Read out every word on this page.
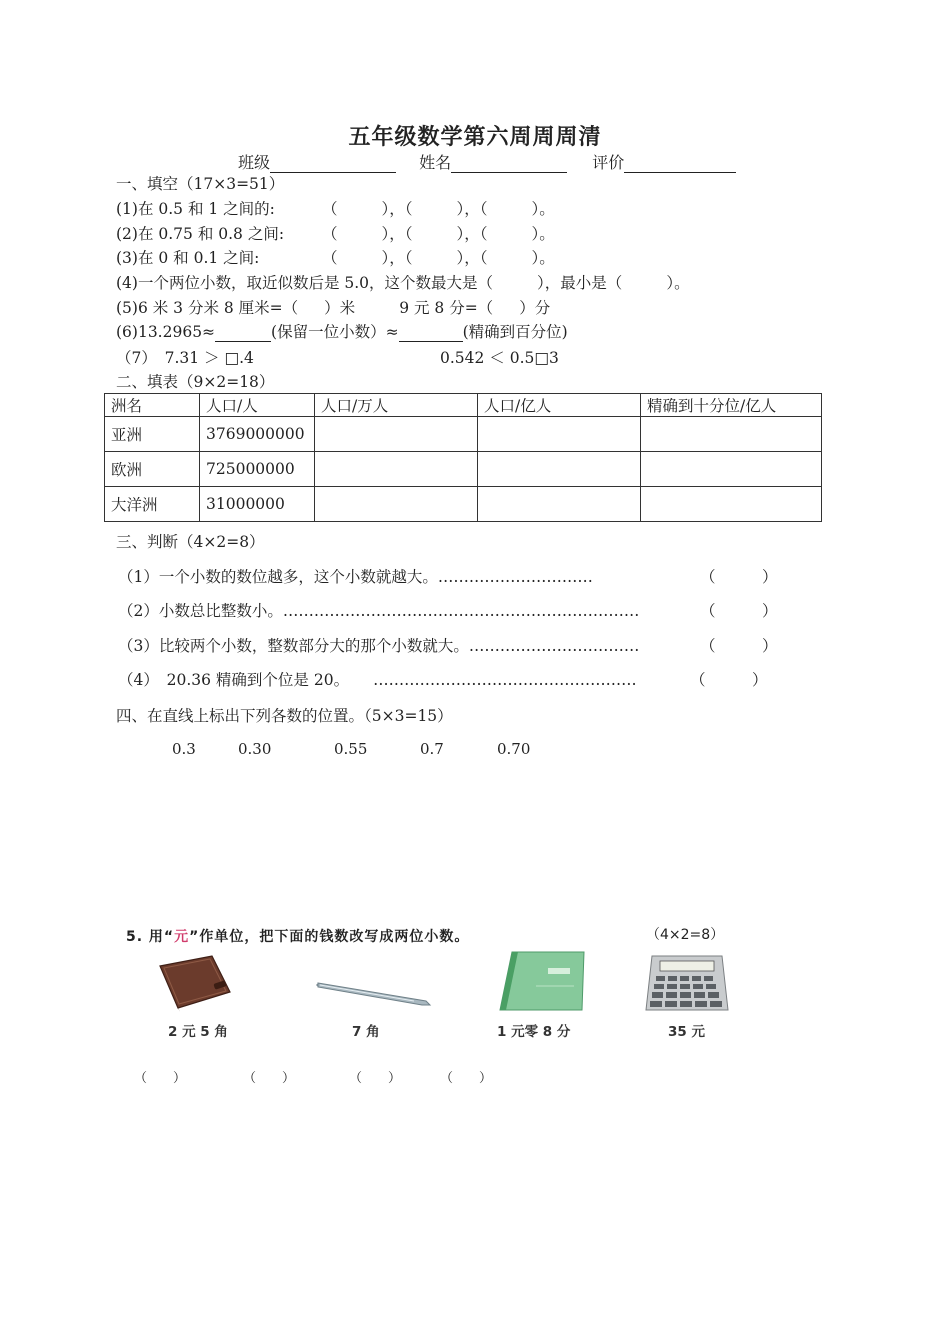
五年级数学第六周周周清
班级	姓名	评价
一、填空（17×3=51）
(1)在 0.5 和 1 之间的:	（	），（	），（	）。
(2)在 0.75 和 0.8 之间: （	），（	），（	）。
(3)在 0 和 0.1 之间:	（	），（	），（	）。
(4)一个两位小数，取近似数后是 5.0，这个数最大是（	），最小是（	）。
(5)6 米 3 分米 8 厘米=（ ）米	9 元 8 分=（ ）分
(6)13.2965≈	(保留一位小数）≈	(精确到百分位)
（7）　7.31 ＞ □.4	0.542 ＜ 0.5□3
二、填表（9×2=18）
洲名	人口/人	人口/万人	人口/亿人	精确到十分位/亿人
亚洲	3769000000			
欧洲	725000000			
大洋洲	31000000			
三、判断（4×2=8）
（1）一个小数的数位越多，这个小数就越大。…………………………	（　　　）
（2）小数总比整数小。……………………………………………………………	（　　　）
（3）比较两个小数，整数部分大的那个小数就大。……………………………	（　　　）
（4）　20.36 精确到个位是 20。 ……………………………………………	（　　　）
四、在直线上标出下列各数的位置。（5×3=15）
0.3	0.30	0.55	0.7	0.70
5. 用“元”作单位，把下面的钱数改写成两位小数。	（4×2=8）
2 元 5 角	7 角	1 元零 8 分	35 元
（　　）	（　　）	（　　）	（　　）
